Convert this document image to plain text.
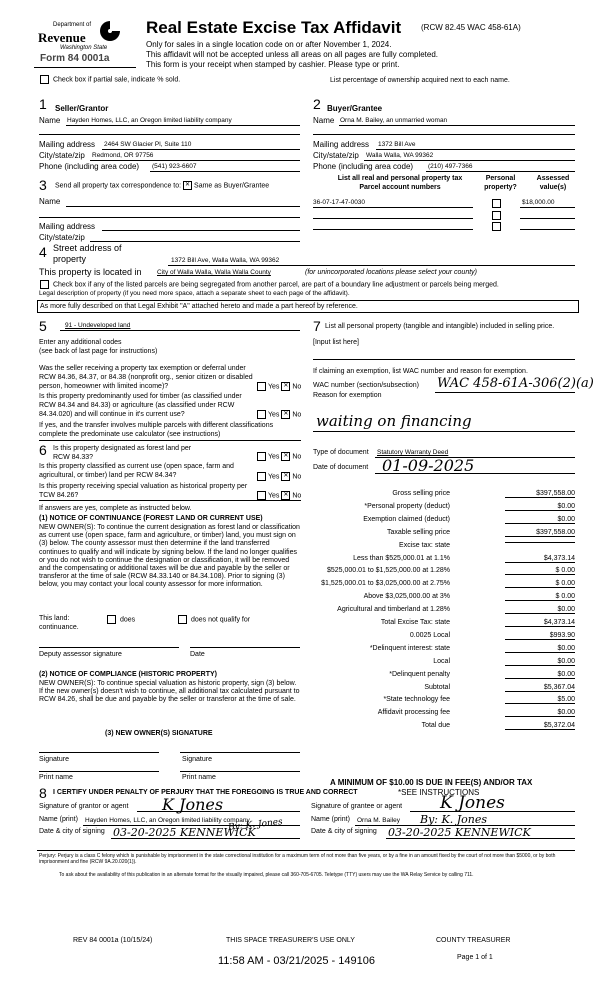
Department of
Revenue
Washington State
Form 84 0001a
Real Estate Excise Tax Affidavit (RCW 82.45 WAC 458-61A)
Only for sales in a single location code on or after November 1, 2024.
This affidavit will not be accepted unless all areas on all pages are fully completed.
This form is your receipt when stamped by cashier. Please type or print.
Check box if partial sale, indicate % sold.	List percentage of ownership acquired next to each name.
1 Seller/Grantor
Name Hayden Homes, LLC, an Oregon limited liability company
Mailing address 2464 SW Glacier Pl, Suite 110
City/state/zip Redmond, OR 97756
Phone (including area code) (541) 923-6607
2 Buyer/Grantee
Name Orna M. Bailey, an unmarried woman
Mailing address 1372 Bill Ave
City/state/zip Walla Walla, WA 99362
Phone (including area code) (210) 497-7366
3 Send all property tax correspondence to: ✕ Same as Buyer/Grantee
Name
Mailing address
City/state/zip
List all real and personal property tax
Parcel account numbers
Personal
property?
Assessed
value(s)
36-07-17-47-0030	$18,000.00
4 Street address of
property	1372 Bill Ave, Walla Walla, WA 99362
This property is located in City of Walla Walla, Walla Walla County	(for unincorporated locations please select your county)
Check box if any of the listed parcels are being segregated from another parcel, are part of a boundary line adjustment or parcels being merged.
Legal description of property (if you need more space, attach a separate sheet to each page of the affidavit).
As more fully described on that Legal Exhibit "A" attached hereto and made a part hereof by reference.
5	91 - Undeveloped land
Enter any additional codes
(see back of last page for instructions)
Was the seller receiving a property tax exemption or deferral under RCW 84.36, 84.37, or 84.38 (nonprofit org., senior citizen or disabled person, homeowner with limited income)?	Yes ✕ No
Is this property predominantly used for timber (as classified under RCW 84.34 and 84.33) or agriculture (as classified under RCW 84.34.020) and will continue in it's current use?	Yes ✕ No
If yes, and the transfer involves multiple parcels with different classifications complete the predominate use calculator (see instructions)
6 Is this property designated as forest land per RCW 84.33?	Yes ✕ No
Is this property classified as current use (open space, farm and agricultural, or timber) land per RCW 84.34?	Yes ✕ No
Is this property receiving special valuation as historical property per TCW 84.26?	Yes ✕ No
If answers are yes, complete as instructed below.
(1) NOTICE OF CONTINUANCE (FOREST LAND OR CURRENT USE)
NEW OWNER(S): To continue the current designation as forest land or classification as current use (open space, farm and agriculture, or timber) land, you must sign on (3) below. The county assessor must then determine if the land transferred continues to qualify and will indicate by signing below. If the land no longer qualifies or you do not wish to continue the designation or classification, it will be removed and the compensating or additional taxes will be due and payable by the seller or transferor at the time of sale (RCW 84.33.140 or 84.34.108). Prior to signing (3) below, you may contact your local county assessor for more information.
This land:	does	does not qualify for
continuance.
Deputy assessor signature	Date
(2) NOTICE OF COMPLIANCE (HISTORIC PROPERTY)
NEW OWNER(S): To continue special valuation as historic property, sign (3) below. If the new owner(s) doesn't wish to continue, all additional tax calculated pursuant to RCW 84.26, shall be due and payable by the seller or transferor at the time of sale.
(3) NEW OWNER(S) SIGNATURE
Signature	Signature
Print name	Print name
7 List all personal property (tangible and intangible) included in selling price.
[Input list here]
If claiming an exemption, list WAC number and reason for exemption.
WAC number (section/subsection) WAC 458-61A-306(2)(a)
Reason for exemption
waiting on financing
Type of document Statutory Warranty Deed
Date of document 01-09-2025
Gross selling price	$397,558.00
*Personal property (deduct)	$0.00
Exemption claimed (deduct)	$0.00
Taxable selling price	$397,558.00
Excise tax: state
Less than $525,000.01 at 1.1%	$4,373.14
$525,000.01 to $1,525,000.00 at 1.28%	$ 0.00
$1,525,000.01 to $3,025,000.00 at 2.75%	$ 0.00
Above $3,025,000.00 at 3%	$ 0.00
Agricultural and timberland at 1.28%	$0.00
Total Excise Tax: state	$4,373.14
0.0025 Local	$993.90
*Delinquent interest: state	$0.00
Local	$0.00
*Delinquent penalty	$0.00
Subtotal	$5,367.04
*State technology fee	$5.00
Affidavit processing fee	$0.00
Total due	$5,372.04
A MINIMUM OF $10.00 IS DUE IN FEE(S) AND/OR TAX
*SEE INSTRUCTIONS
8 I CERTIFY UNDER PENALTY OF PERJURY THAT THE FOREGOING IS TRUE AND CORRECT
Signature of grantor or agent K Jones
Name (print) Hayden Homes, LLC, an Oregon limited liability company
By: K. Jones
Date & city of signing 03-20-2025 KENNEWICK
Signature of grantee or agent K Jones
Name (print) Orna M. Bailey By: K. Jones
Date & city of signing 03-20-2025 KENNEWICK
Perjury: Perjury is a class C felony which is punishable by imprisonment in the state correctional institution for a maximum term of not more than five years, or by a fine in an amount fixed by the court of not more than $5000, or by both imprisonment and fine (RCW 9A.20.020(1)).
To ask about the availability of this publication in an alternate format for the visually impaired, please call 360-705-6705. Teletype (TTY) users may use the WA Relay Service by calling 711.
REV 84 0001a (10/15/24)	THIS SPACE TREASURER'S USE ONLY	COUNTY TREASURER
11:58 AM - 03/21/2025 - 149106	Page 1 of 1
